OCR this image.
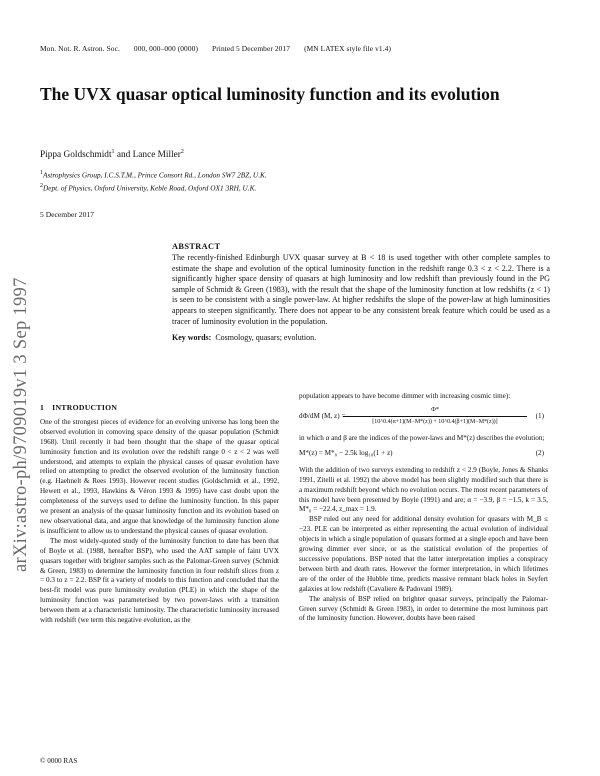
Mon. Not. R. Astron. Soc. 000, 000–000 (0000) Printed 5 December 2017 (MN LATEX style file v1.4)
arXiv:astro-ph/9709019v1 3 Sep 1997
The UVX quasar optical luminosity function and its evolution
Pippa Goldschmidt$^1$ and Lance Miller$^2$
$^1$Astrophysics Group, I.C.S.T.M., Prince Consort Rd., London SW7 2BZ, U.K.
$^2$Dept. of Physics, Oxford University, Keble Road, Oxford OX1 3RH, U.K.
5 December 2017
ABSTRACT
The recently-finished Edinburgh UVX quasar survey at B < 18 is used together with other complete samples to estimate the shape and evolution of the optical luminosity function in the redshift range 0.3 < z < 2.2. There is a significantly higher space density of quasars at high luminosity and low redshift than previously found in the PG sample of Schmidt & Green (1983), with the result that the shape of the luminosity function at low redshifts (z < 1) is seen to be consistent with a single power-law. At higher redshifts the slope of the power-law at high luminosities appears to steepen significantly. There does not appear to be any consistent break feature which could be used as a tracer of luminosity evolution in the population.
Key words: Cosmology, quasars; evolution.
1 INTRODUCTION

One of the strongest pieces of evidence for an evolving universe has long been the observed evolution in comoving space density of the quasar population (Schmidt 1968). Until recently it had been thought that the shape of the quasar optical luminosity function and its evolution over the redshift range 0 < z < 2 was well understood, and attempts to explain the physical causes of quasar evolution have relied on attempting to predict the observed evolution of the luminosity function (e.g. Haehnelt & Rees 1993). However recent studies (Goldschmidt et al., 1992, Hewett et al., 1993, Hawkins & Véron 1993 & 1995) have cast doubt upon the completeness of the surveys used to define the luminosity function. In this paper we present an analysis of the quasar luminosity function and its evolution based on new observational data, and argue that knowledge of the luminosity function alone is insufficient to allow us to understand the physical causes of quasar evolution.

The most widely-quoted study of the luminosity function to date has been that of Boyle et al. (1988, hereafter BSP), who used the AAT sample of faint UVX quasars together with brighter samples such as the Palomar-Green survey (Schmidt & Green, 1983) to determine the luminosity function in four redshift slices from z = 0.3 to z = 2.2. BSP fit a variety of models to this function and concluded that the best-fit model was pure luminosity evolution (PLE) in which the shape of the luminosity function was parameterised by two power-laws with a transition between them at a characteristic luminosity. The characteristic luminosity increased with redshift (we term this negative evolution, as the

population appears to have become dimmer with increasing cosmic time):

dΦ/dM (M, z) =
$\frac{\Phi*}{[10\^{}0.4(\alpha+1)(M-M*(z)) + 10\^{}0.4(\beta+1)(M-M*(z))]} (1)$

in which α and β are the indices of the power-laws and M*(z) describes the evolution;

M*(z) = M*₀ − 2.5k log₁₀(1 + z)	(2)

With the addition of two surveys extending to redshift z < 2.9 (Boyle, Jones & Shanks 1991, Zitelli et al. 1992) the above model has been slightly modified such that there is a maximum redshift beyond which no evolution occurs. The most recent parameters of this model have been presented by Boyle (1991) and are; α = −3.9, β = −1.5, k = 3.5, M*₀ = −22.4, z_max = 1.9.

BSP ruled out any need for additional density evolution for quasars with M_B ≤ −23. PLE can be interpreted as either representing the actual evolution of individual objects in which a single population of quasars formed at a single epoch and have been growing dimmer ever since, or as the statistical evolution of the properties of successive populations. BSP noted that the latter interpretation implies a conspiracy between birth and death rates. However the former interpretation, in which lifetimes are of the order of the Hubble time, predicts massive remnant black holes in Seyfert galaxies at low redshift (Cavaliere & Padovani 1989).

The analysis of BSP relied on brighter quasar surveys, principally the Palomar-Green survey (Schmidt & Green 1983), in order to determine the most luminous part of the luminosity function. However, doubts have been raised

© 0000 RAS
